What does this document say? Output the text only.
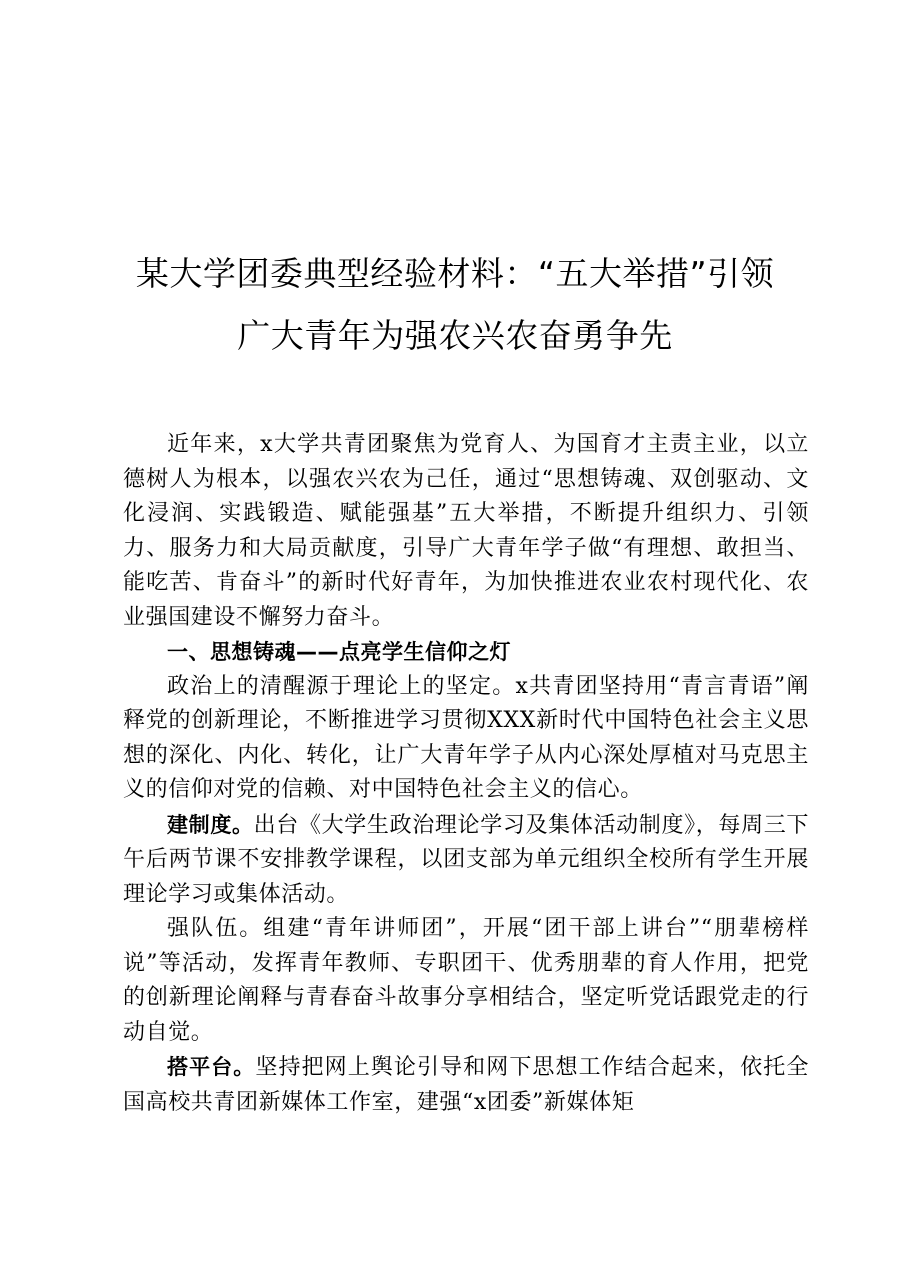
某大学团委典型经验材料：“五大举措”引领
广大青年为强农兴农奋勇争先

近年来，x大学共青团聚焦为党育人、为国育才主责主业，以立德树人为根本，以强农兴农为己任，通过“思想铸魂、双创驱动、文化浸润、实践锻造、赋能强基”五大举措，不断提升组织力、引领力、服务力和大局贡献度，引导广大青年学子做“有理想、敢担当、能吃苦、肯奋斗”的新时代好青年，为加快推进农业农村现代化、农业强国建设不懈努力奋斗。

一、思想铸魂——点亮学生信仰之灯

政治上的清醒源于理论上的坚定。x共青团坚持用“青言青语”阐释党的创新理论，不断推进学习贯彻XXX新时代中国特色社会主义思想的深化、内化、转化，让广大青年学子从内心深处厚植对马克思主义的信仰对党的信赖、对中国特色社会主义的信心。

建制度。出台《大学生政治理论学习及集体活动制度》，每周三下午后两节课不安排教学课程，以团支部为单元组织全校所有学生开展理论学习或集体活动。

强队伍。组建“青年讲师团”，开展“团干部上讲台”“朋辈榜样说”等活动，发挥青年教师、专职团干、优秀朋辈的育人作用，把党的创新理论阐释与青春奋斗故事分享相结合，坚定听党话跟党走的行动自觉。

搭平台。坚持把网上舆论引导和网下思想工作结合起来，依托全国高校共青团新媒体工作室，建强“x团委”新媒体矩
